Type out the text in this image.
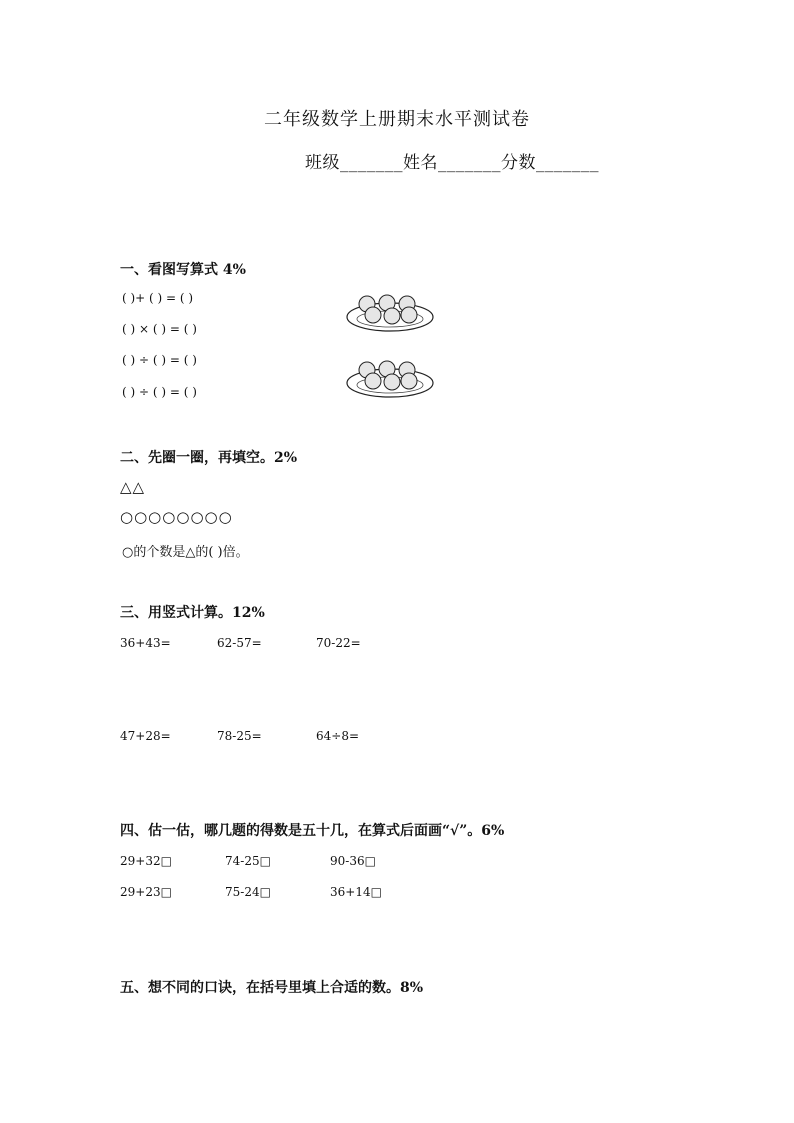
二年级数学上册期末水平测试卷
班级_______姓名_______分数_______
一、看图写算式 4%
( )+ ( ) = ( )
( ) × ( ) = ( )
( ) ÷ ( ) = ( )
( ) ÷ ( ) = ( )
二、先圈一圈，再填空。2%
△△
○○○○○○○○
○的个数是△的( )倍。
三、用竖式计算。12%
36+43=	62-57=	70-22=
47+28=	78-25=	64÷8=
四、估一估，哪几题的得数是五十几，在算式后面画“√”。6%
29+32□	74-25□	90-36□
29+23□	75-24□	36+14□
五、想不同的口诀，在括号里填上合适的数。8%
